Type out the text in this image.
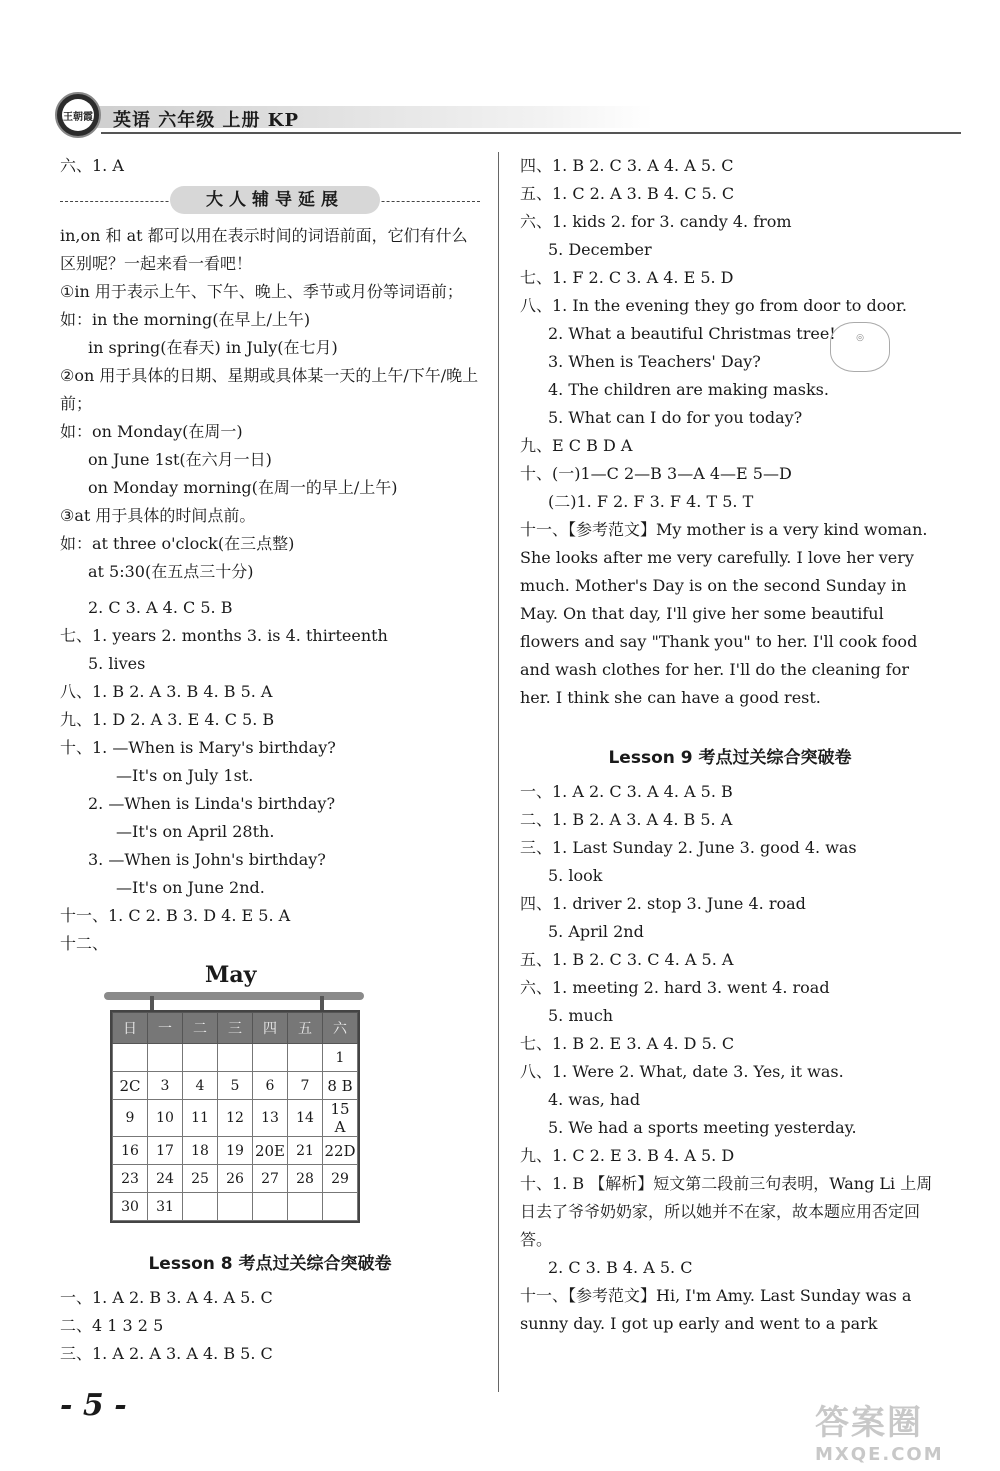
王朝霞 英语 六年级 上册 KP
六、1. A
大人辅导延展
in,on 和 at 都可以用在表示时间的词语前面，它们有什么区别呢？一起来看一看吧！
①in 用于表示上午、下午、晚上、季节或月份等词语前；
如：in the morning(在早上/上午)
in spring(在春天) in July(在七月)
②on 用于具体的日期、星期或具体某一天的上午/下午/晚上前；
如：on Monday(在周一)
on June 1st(在六月一日)
on Monday morning(在周一的早上/上午)
③at 用于具体的时间点前。
如：at three o'clock(在三点整)
at 5:30(在五点三十分)
2. C 3. A 4. C 5. B
七、1. years 2. months 3. is 4. thirteenth
5. lives
八、1. B 2. A 3. B 4. B 5. A
九、1. D 2. A 3. E 4. C 5. B
十、1. —When is Mary's birthday?
—It's on July 1st.
2. —When is Linda's birthday?
—It's on April 28th.
3. —When is John's birthday?
—It's on June 2nd.
十一、1. C 2. B 3. D 4. E 5. A
十二、
May
日	一	二	三	四	五	六
						1
2C	3	4	5	6	7	8 B
9	10	11	12	13	14	15 A
16	17	18	19	20E	21	22D
23	24	25	26	27	28	29
30	31					
Lesson 8 考点过关综合突破卷
一、1. A 2. B 3. A 4. A 5. C
二、4 1 3 2 5
三、1. A 2. A 3. A 4. B 5. C
四、1. B 2. C 3. A 4. A 5. C
五、1. C 2. A 3. B 4. C 5. C
六、1. kids 2. for 3. candy 4. from
5. December
七、1. F 2. C 3. A 4. E 5. D
八、1. In the evening they go from door to door.
2. What a beautiful Christmas tree!
3. When is Teachers' Day?
4. The children are making masks.
5. What can I do for you today?
九、E C B D A
十、(一)1—C 2—B 3—A 4—E 5—D
(二)1. F 2. F 3. F 4. T 5. T
十一、【参考范文】My mother is a very kind woman. She looks after me very carefully. I love her very much. Mother's Day is on the second Sunday in May. On that day, I'll give her some beautiful flowers and say "Thank you" to her. I'll cook food and wash clothes for her. I'll do the cleaning for her. I think she can have a good rest.
Lesson 9 考点过关综合突破卷
一、1. A 2. C 3. A 4. A 5. B
二、1. B 2. A 3. A 4. B 5. A
三、1. Last Sunday 2. June 3. good 4. was
5. look
四、1. driver 2. stop 3. June 4. road
5. April 2nd
五、1. B 2. C 3. C 4. A 5. A
六、1. meeting 2. hard 3. went 4. road
5. much
七、1. B 2. E 3. A 4. D 5. C
八、1. Were 2. What, date 3. Yes, it was.
4. was, had
5. We had a sports meeting yesterday.
九、1. C 2. E 3. B 4. A 5. D
十、1. B 【解析】短文第二段前三句表明，Wang Li 上周日去了爷爷奶奶家，所以她并不在家，故本题应用否定回答。
2. C 3. B 4. A 5. C
十一、【参考范文】Hi, I'm Amy. Last Sunday was a sunny day. I got up early and went to a park
◎
- 5 -	答案圈
MXQE.COM
